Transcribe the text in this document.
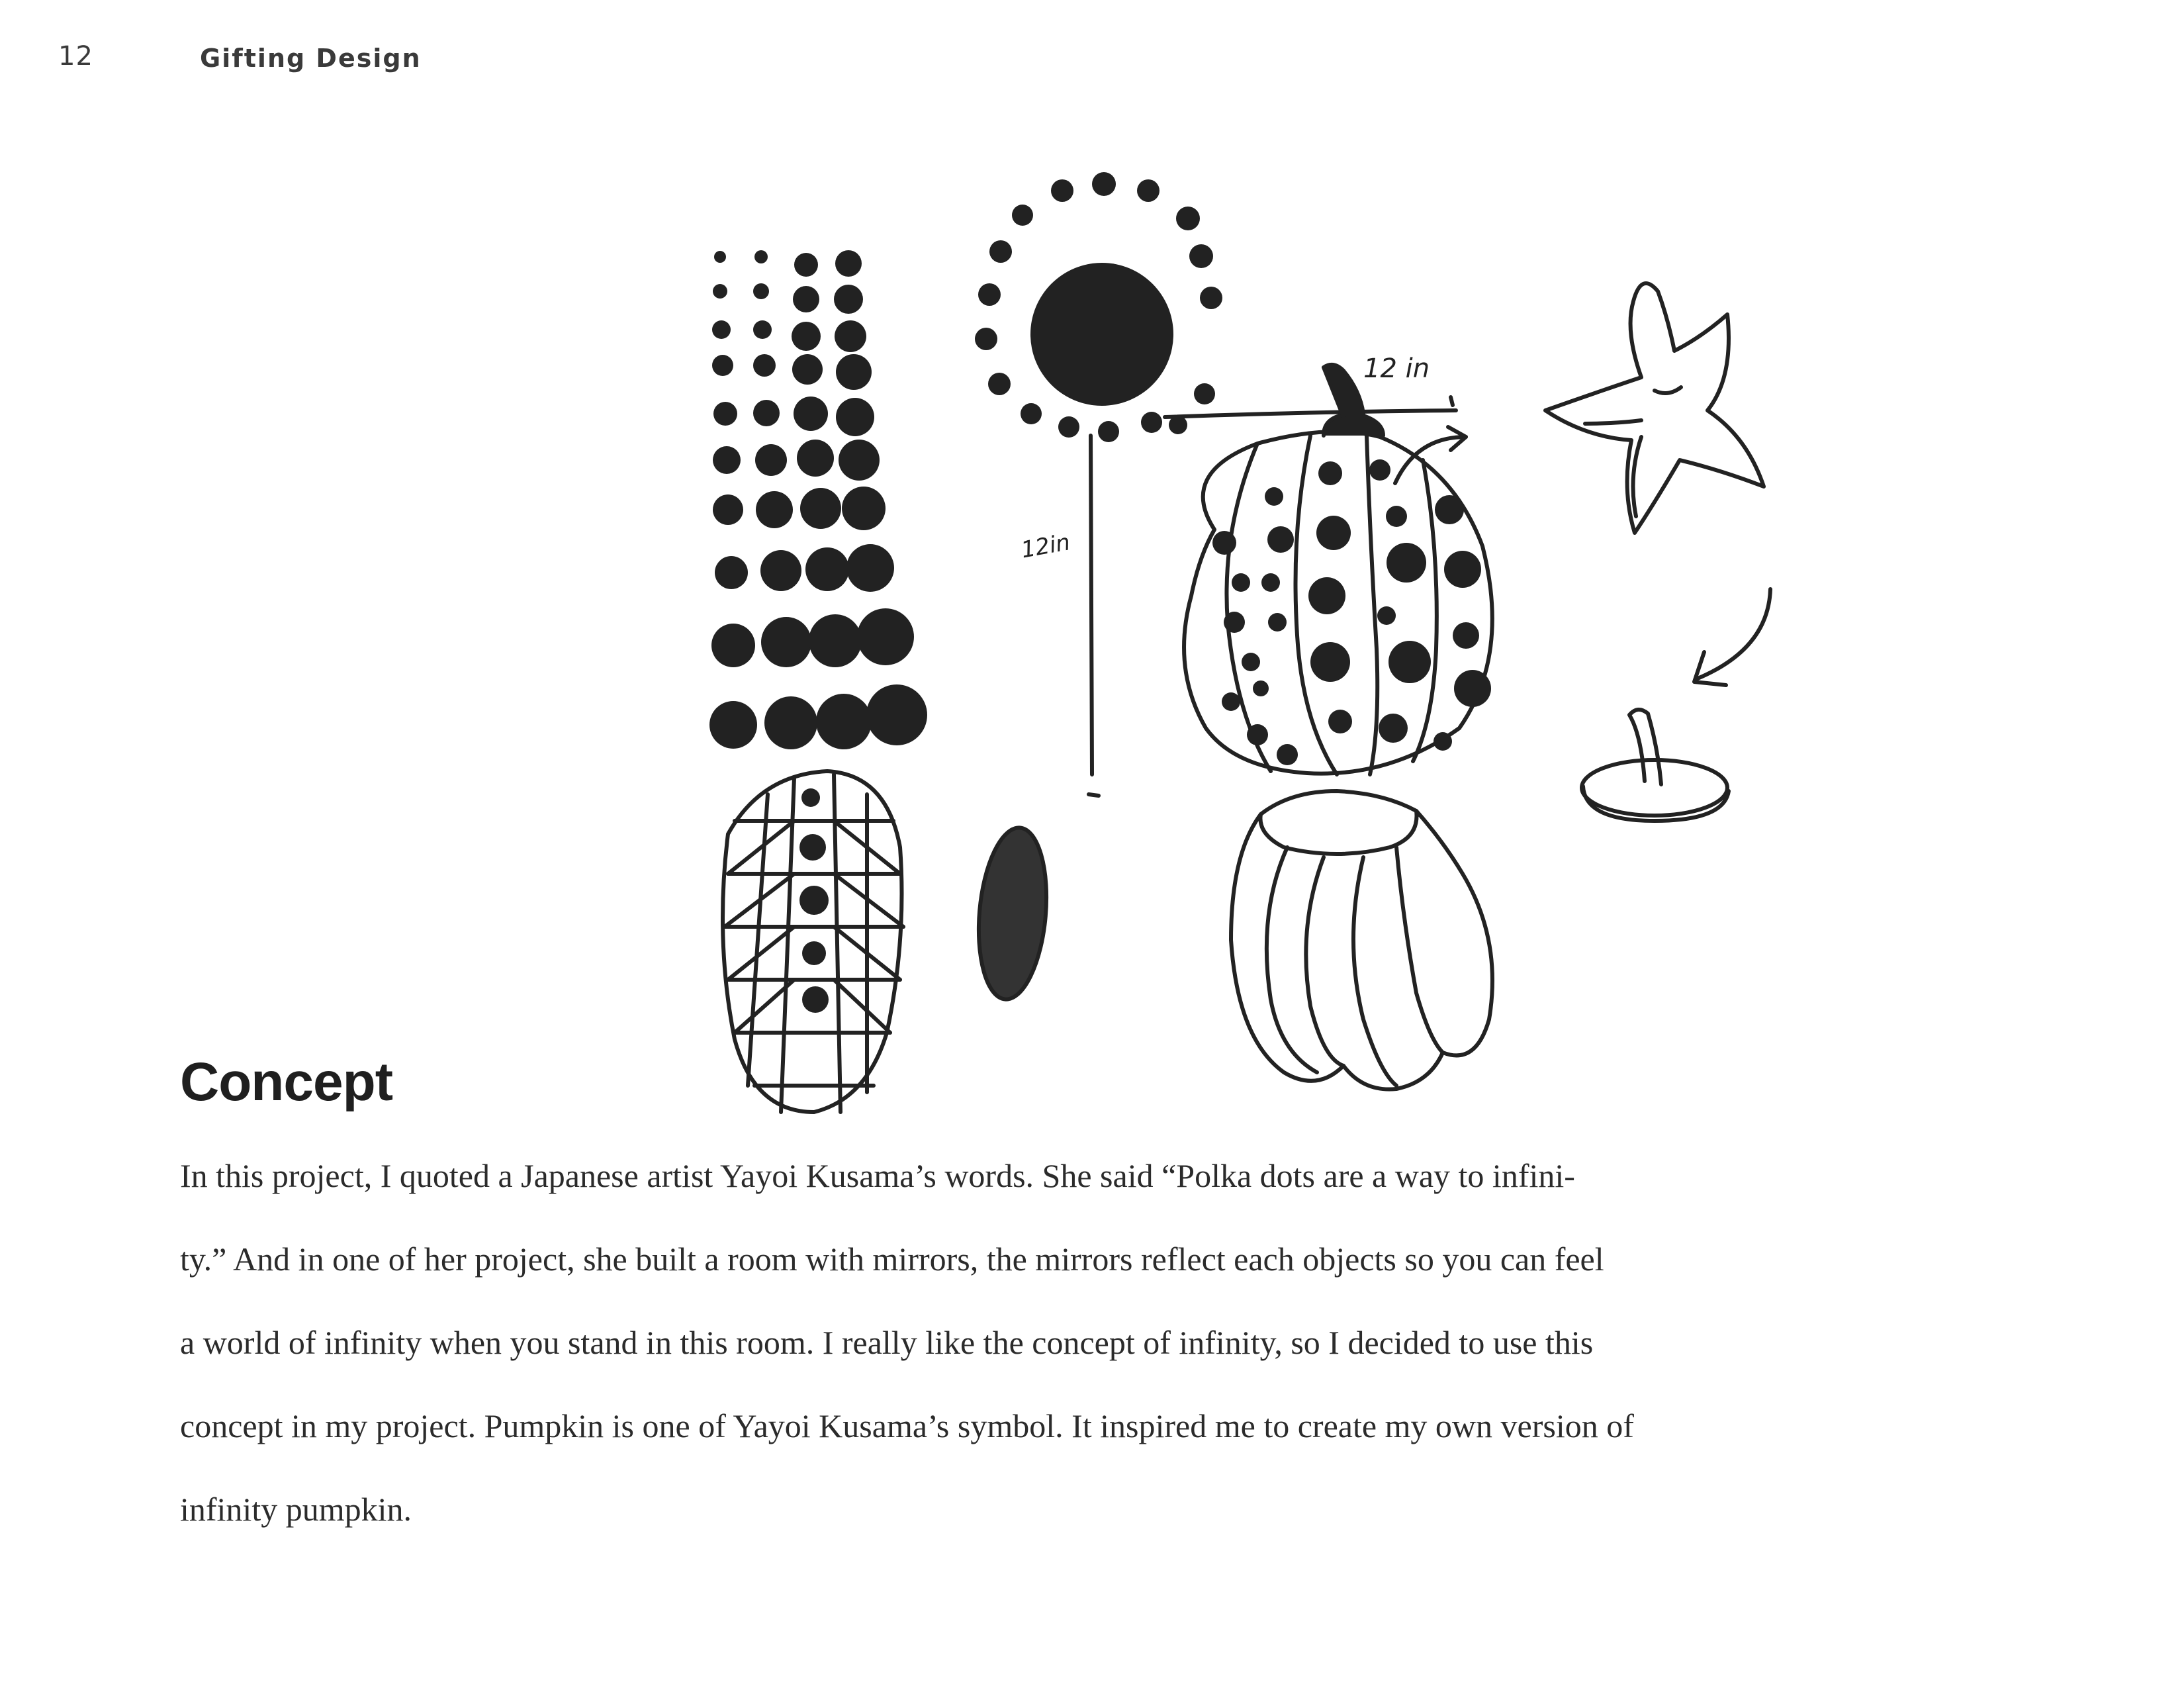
12	Gifting Design
12 in
12in
Concept
In this project, I quoted a Japanese artist Yayoi Kusama’s words. She said “Polka dots are a way to infini-
ty.” And in one of her project, she built a room with mirrors, the mirrors reflect each objects so you can feel
a world of infinity when you stand in this room. I really like the concept of infinity, so I decided to use this
concept in my project. Pumpkin is one of Yayoi Kusama’s symbol. It inspired me to create my own version of
infinity pumpkin.
